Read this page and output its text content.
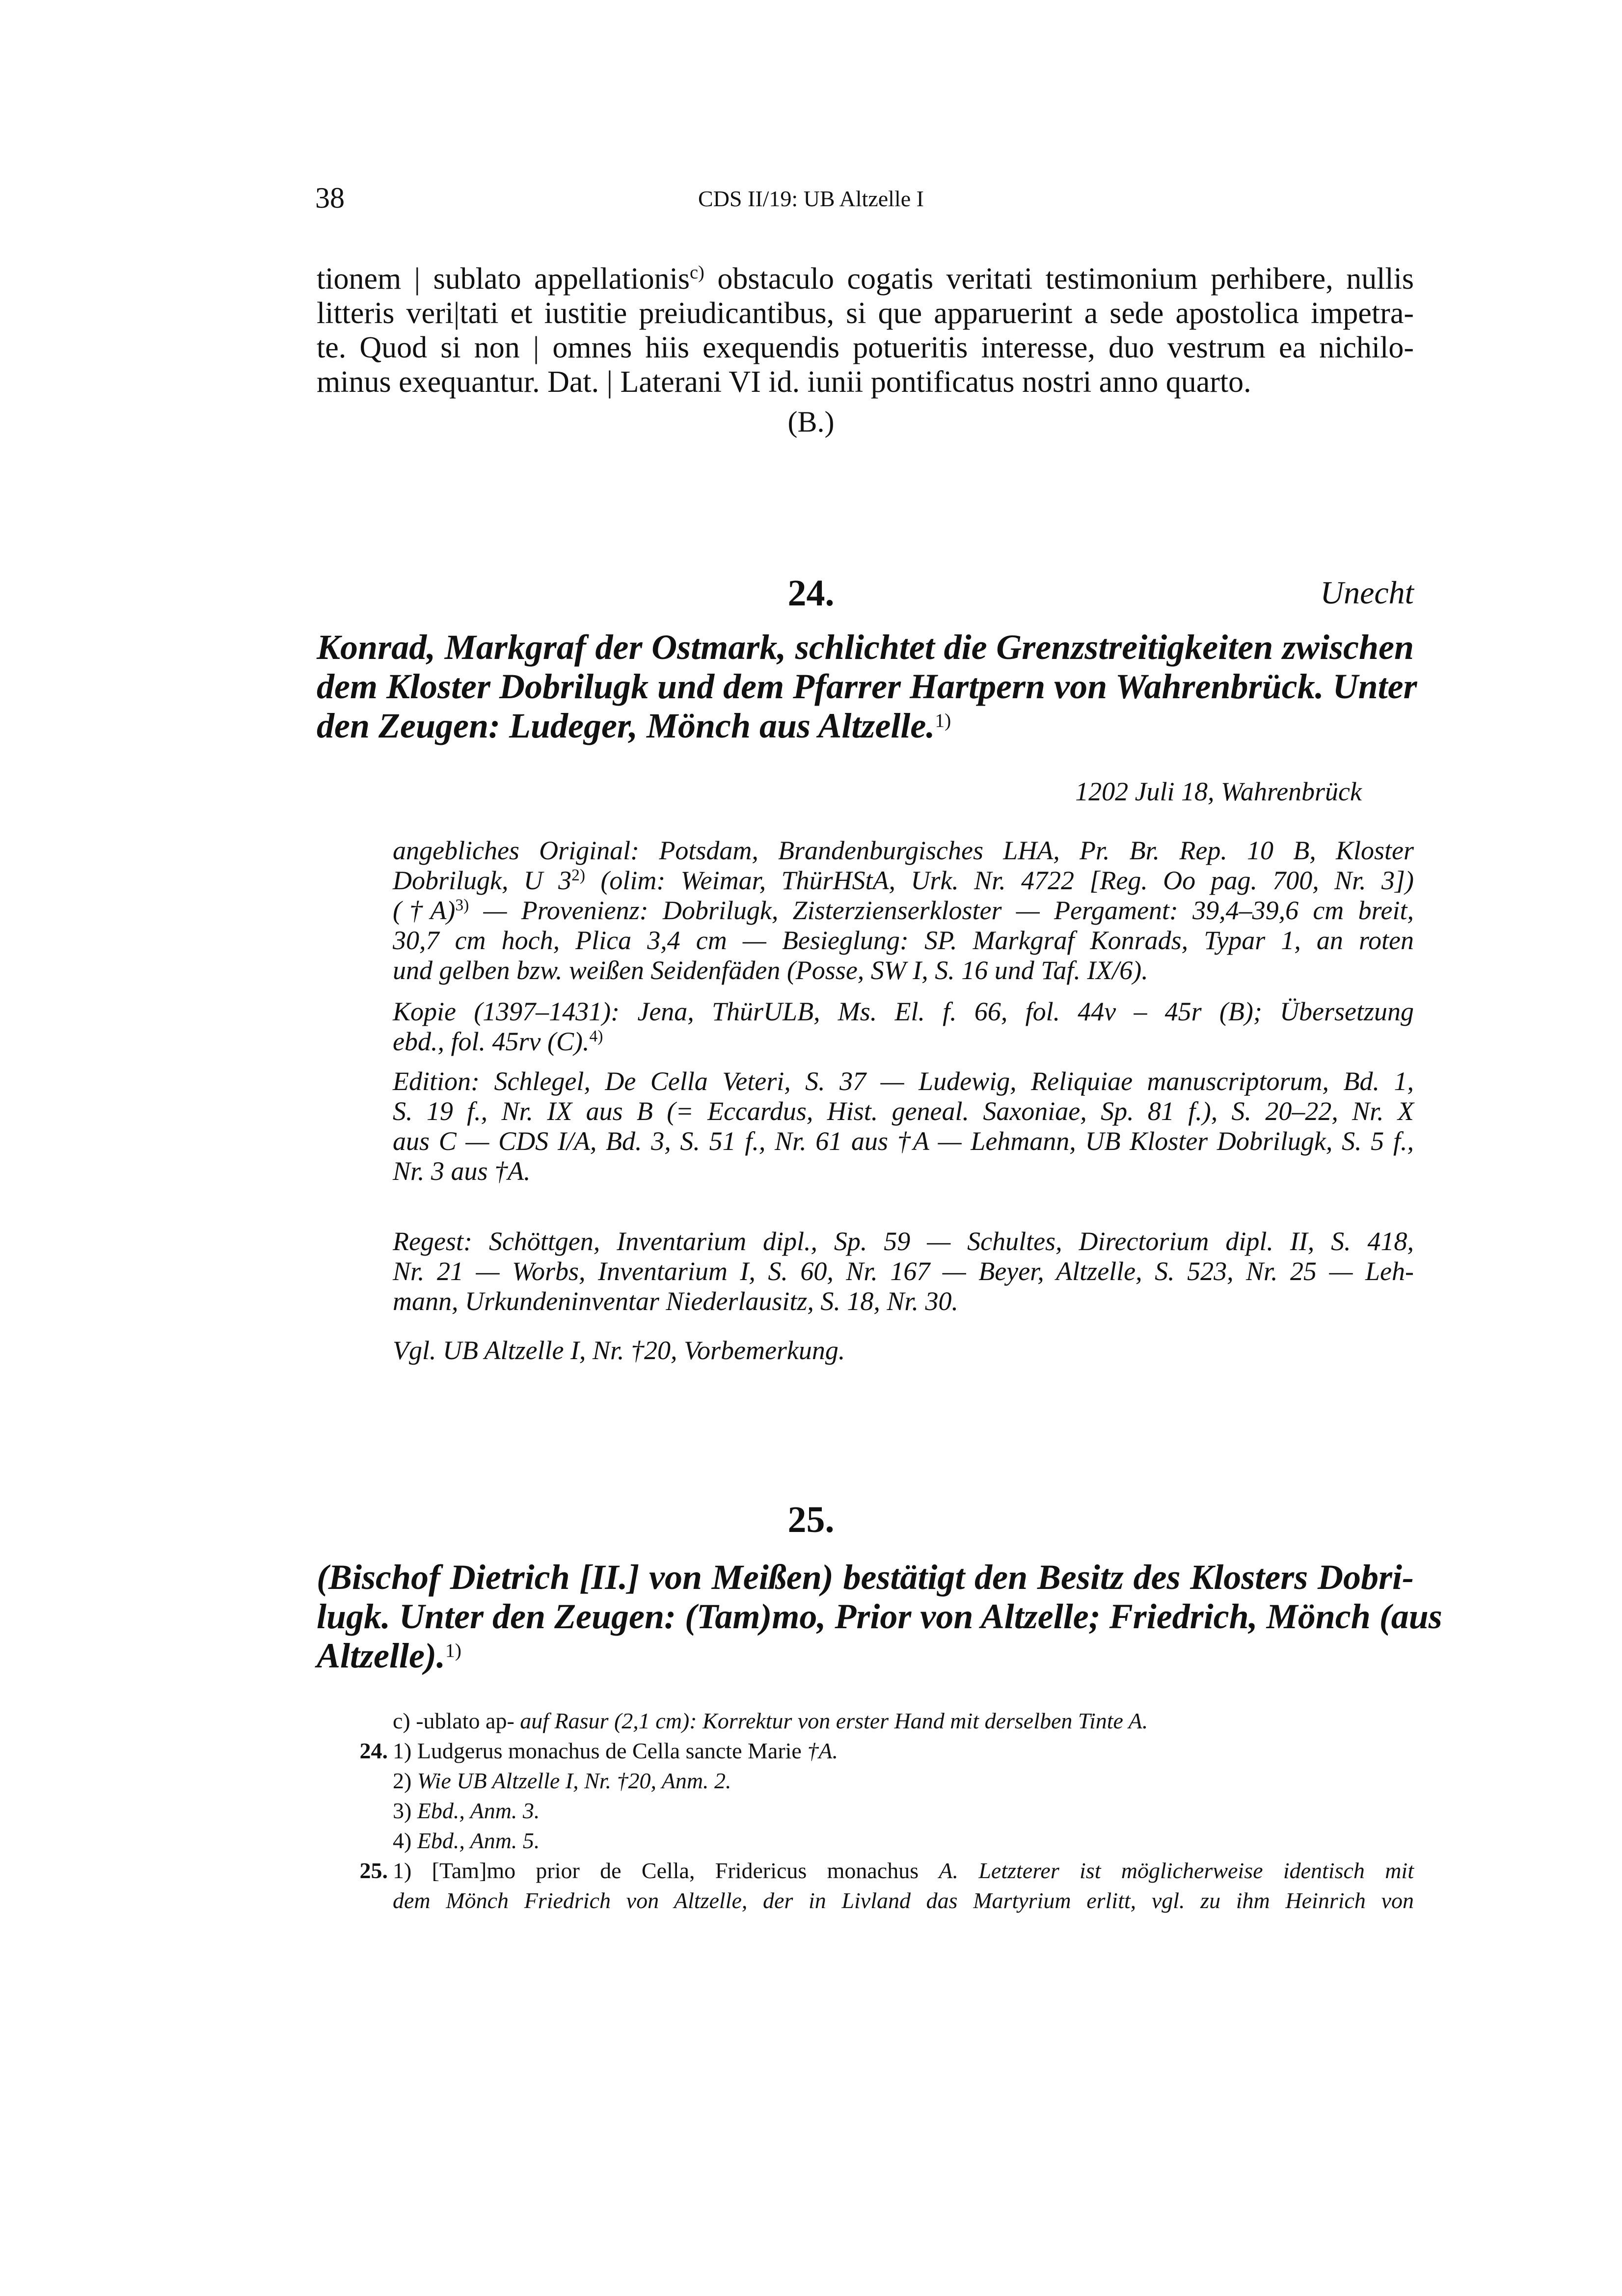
38	CDS II/19: UB Altzelle I
tionem | sublato appellationis$^{c)}$ obstaculo cogatis veritati testimonium perhibere, nullis
litteris veri|tati et iustitie preiudicantibus, si que apparuerint a sede apostolica impetra-
te. Quod si non | omnes hiis exequendis potueritis interesse, duo vestrum ea nichilo-
minus exequantur. Dat. | Laterani VI id. iunii pontificatus nostri anno quarto.
(B.)
24.	Unecht
Konrad, Markgraf der Ostmark, schlichtet die Grenzstreitigkeiten zwischen
dem Kloster Dobrilugk und dem Pfarrer Hartpern von Wahrenbrück. Unter
den Zeugen: Ludeger, Mönch aus Altzelle.$^{1)}$
1202 Juli 18, Wahrenbrück
angebliches Original: Potsdam, Brandenburgisches LHA, Pr. Br. Rep. 10 B, Kloster
Dobrilugk, U 3$^{2)}$ (olim: Weimar, ThürHStA, Urk. Nr. 4722 [Reg. Oo pag. 700, Nr. 3])
(†A)$^{3)}$ — Provenienz: Dobrilugk, Zisterzienserkloster — Pergament: 39,4–39,6 cm breit,
30,7 cm hoch, Plica 3,4 cm — Besieglung: SP. Markgraf Konrads, Typar 1, an roten
und gelben bzw. weißen Seidenfäden (Posse, SW I, S. 16 und Taf. IX/6).
Kopie (1397–1431): Jena, ThürULB, Ms. El. f. 66, fol. 44v – 45r (B); Übersetzung
ebd., fol. 45rv (C).$^{4)}$
Edition: Schlegel, De Cella Veteri, S. 37 — Ludewig, Reliquiae manuscriptorum, Bd. 1,
S. 19 f., Nr. IX aus B (= Eccardus, Hist. geneal. Saxoniae, Sp. 81 f.), S. 20–22, Nr. X
aus C — CDS I/A, Bd. 3, S. 51 f., Nr. 61 aus †A — Lehmann, UB Kloster Dobrilugk, S. 5 f.,
Nr. 3 aus †A.
Regest: Schöttgen, Inventarium dipl., Sp. 59 — Schultes, Directorium dipl. II, S. 418,
Nr. 21 — Worbs, Inventarium I, S. 60, Nr. 167 — Beyer, Altzelle, S. 523, Nr. 25 — Leh-
mann, Urkundeninventar Niederlausitz, S. 18, Nr. 30.
Vgl. UB Altzelle I, Nr. †20, Vorbemerkung.
25.
(Bischof Dietrich [II.] von Meißen) bestätigt den Besitz des Klosters Dobri-
lugk. Unter den Zeugen: (Tam)mo, Prior von Altzelle; Friedrich, Mönch (aus
Altzelle).$^{1)}$
c) -ublato ap- auf Rasur (2,1 cm): Korrektur von erster Hand mit derselben Tinte A.
24. 1) Ludgerus monachus de Cella sancte Marie †A.
2) Wie UB Altzelle I, Nr. †20, Anm. 2.
3) Ebd., Anm. 3.
4) Ebd., Anm. 5.
25. 1) [Tam]mo prior de Cella, Fridericus monachus A. Letzterer ist möglicherweise identisch mit
dem Mönch Friedrich von Altzelle, der in Livland das Martyrium erlitt, vgl. zu ihm Heinrich von
